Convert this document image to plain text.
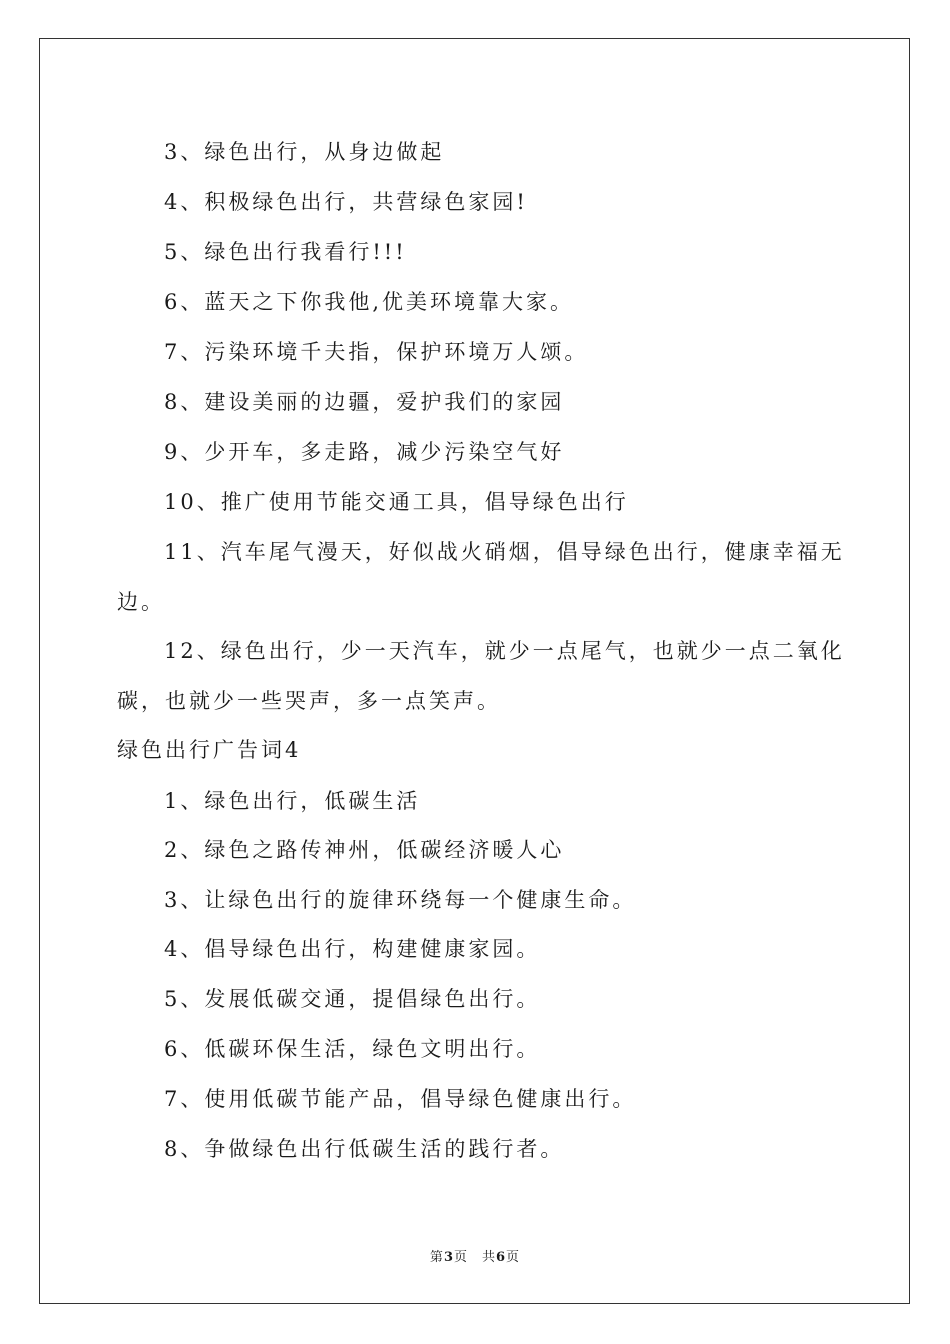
3、绿色出行，从身边做起
4、积极绿色出行，共营绿色家园!
5、绿色出行我看行!!!
6、蓝天之下你我他,优美环境靠大家。
7、污染环境千夫指，保护环境万人颂。
8、建设美丽的边疆，爱护我们的家园
9、少开车，多走路，减少污染空气好
10、推广使用节能交通工具，倡导绿色出行
11、汽车尾气漫天，好似战火硝烟，倡导绿色出行，健康幸福无
边。
12、绿色出行，少一天汽车，就少一点尾气，也就少一点二氧化
碳，也就少一些哭声，多一点笑声。
绿色出行广告词4
1、绿色出行，低碳生活
2、绿色之路传神州，低碳经济暖人心
3、让绿色出行的旋律环绕每一个健康生命。
4、倡导绿色出行，构建健康家园。
5、发展低碳交通，提倡绿色出行。
6、低碳环保生活，绿色文明出行。
7、使用低碳节能产品，倡导绿色健康出行。
8、争做绿色出行低碳生活的践行者。
第3页　共6页
